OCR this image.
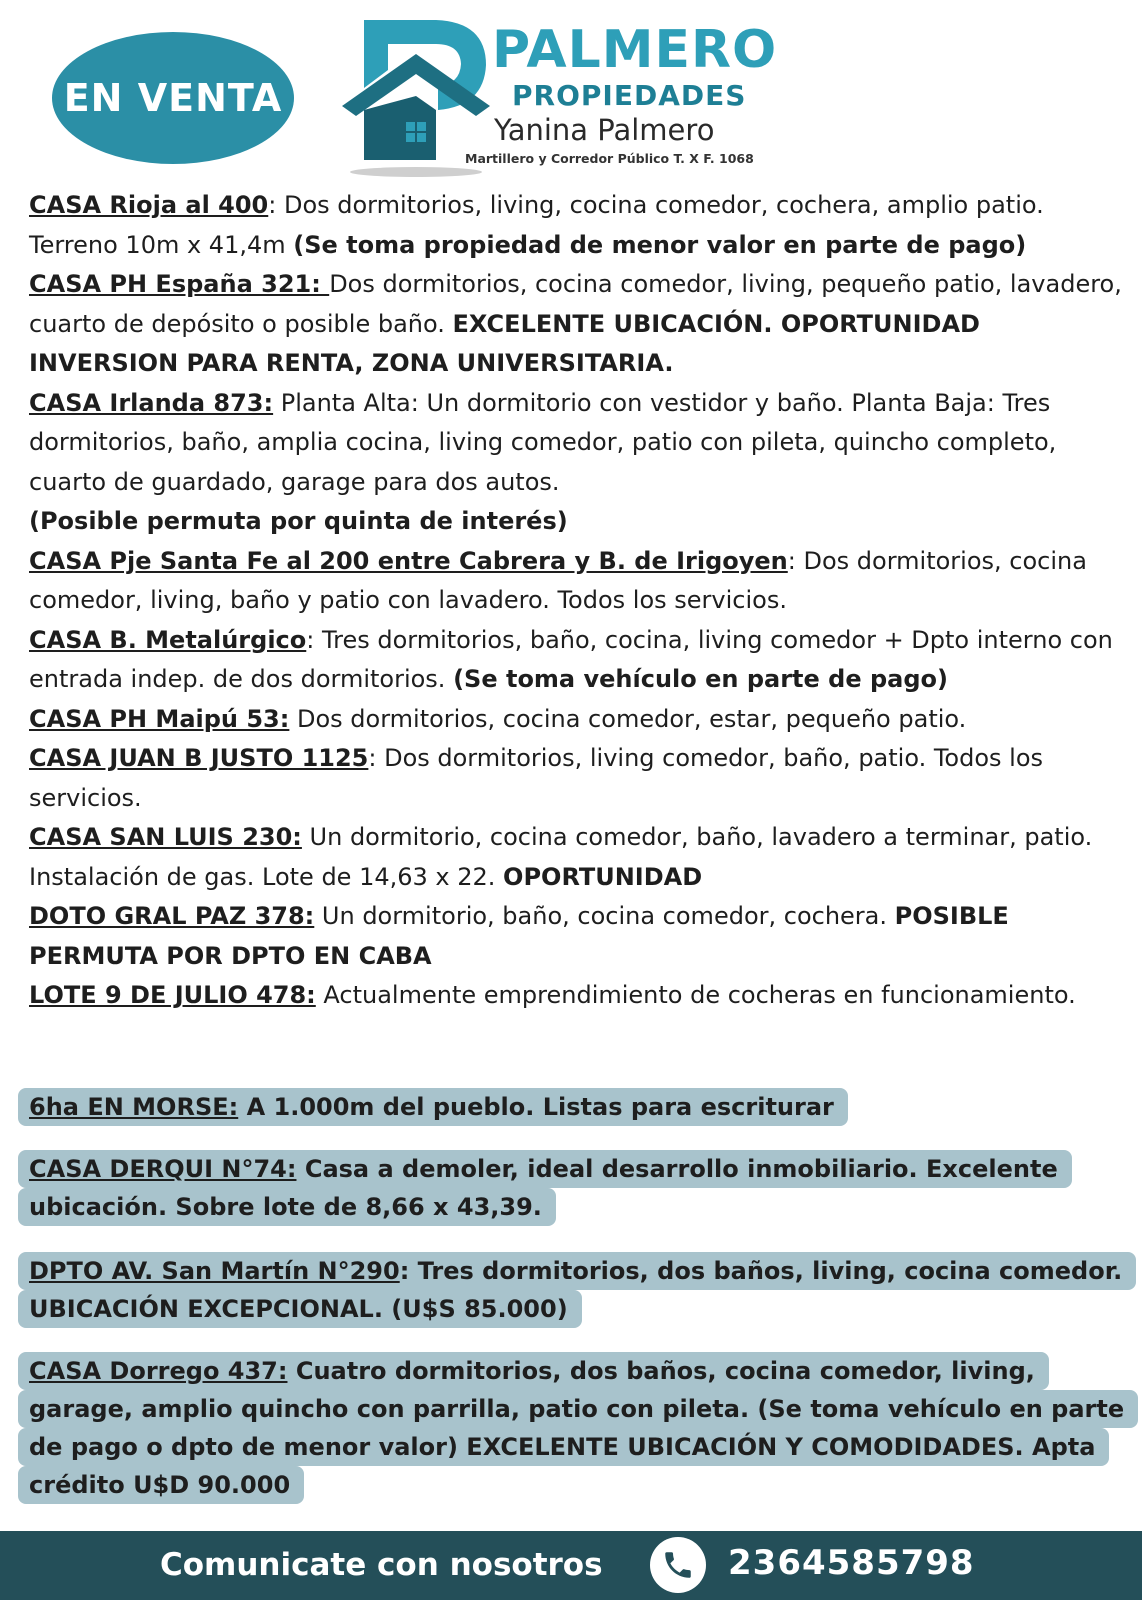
EN VENTA
PALMERO
PROPIEDADES
Yanina Palmero
Martillero y Corredor Público T. X F. 1068

CASA Rioja al 400: Dos dormitorios, living, cocina comedor, cochera, amplio patio. Terreno 10m x 41,4m (Se toma propiedad de menor valor en parte de pago)

CASA PH España 321: Dos dormitorios, cocina comedor, living, pequeño patio, lavadero, cuarto de depósito o posible baño. EXCELENTE UBICACIÓN. OPORTUNIDAD INVERSION PARA RENTA, ZONA UNIVERSITARIA.

CASA Irlanda 873: Planta Alta: Un dormitorio con vestidor y baño. Planta Baja: Tres dormitorios, baño, amplia cocina, living comedor, patio con pileta, quincho completo, cuarto de guardado, garage para dos autos.
(Posible permuta por quinta de interés)

CASA Pje Santa Fe al 200 entre Cabrera y B. de Irigoyen: Dos dormitorios, cocina comedor, living, baño y patio con lavadero. Todos los servicios.

CASA B. Metalúrgico: Tres dormitorios, baño, cocina, living comedor + Dpto interno con entrada indep. de dos dormitorios. (Se toma vehículo en parte de pago)

CASA PH Maipú 53: Dos dormitorios, cocina comedor, estar, pequeño patio.

CASA JUAN B JUSTO 1125: Dos dormitorios, living comedor, baño, patio. Todos los servicios.

CASA SAN LUIS 230: Un dormitorio, cocina comedor, baño, lavadero a terminar, patio. Instalación de gas. Lote de 14,63 x 22. OPORTUNIDAD

DOTO GRAL PAZ 378: Un dormitorio, baño, cocina comedor, cochera. POSIBLE PERMUTA POR DPTO EN CABA

LOTE 9 DE JULIO 478: Actualmente emprendimiento de cocheras en funcionamiento.

6ha EN MORSE: A 1.000m del pueblo. Listas para escriturar
CASA DERQUI N°74: Casa a demoler, ideal desarrollo inmobiliario. Excelente
ubicación. Sobre lote de 8,66 x 43,39.
DPTO AV. San Martín N°290: Tres dormitorios, dos baños, living, cocina comedor.
UBICACIÓN EXCEPCIONAL. (U$S 85.000)
CASA Dorrego 437: Cuatro dormitorios, dos baños, cocina comedor, living,
garage, amplio quincho con parrilla, patio con pileta. (Se toma vehículo en parte
de pago o dpto de menor valor) EXCELENTE UBICACIÓN Y COMODIDADES. Apta
crédito U$D 90.000
Comunicate con nosotros	2364585798
